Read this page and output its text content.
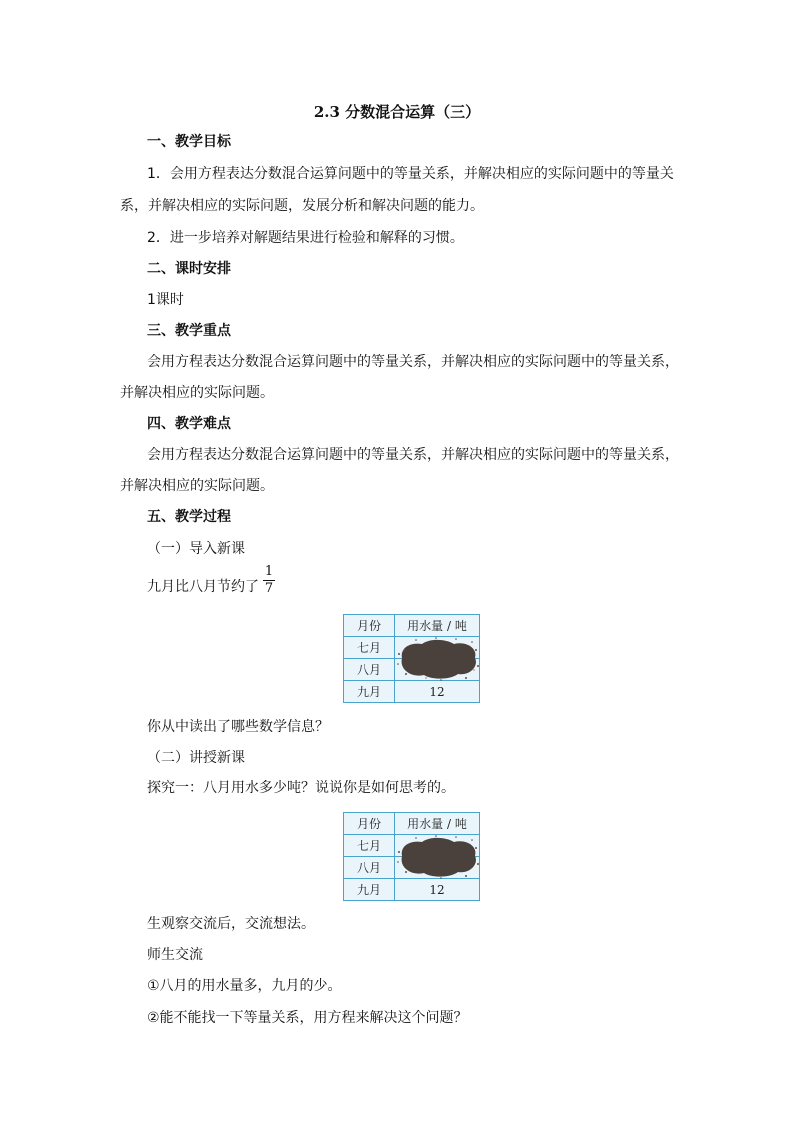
2.3 分数混合运算（三）
一、教学目标
1．会用方程表达分数混合运算问题中的等量关系，并解决相应的实际问题中的等量关
系，并解决相应的实际问题，发展分析和解决问题的能力。
2．进一步培养对解题结果进行检验和解释的习惯。
二、课时安排
1课时
三、教学重点
会用方程表达分数混合运算问题中的等量关系，并解决相应的实际问题中的等量关系，
并解决相应的实际问题。
四、教学难点
会用方程表达分数混合运算问题中的等量关系，并解决相应的实际问题中的等量关系，
并解决相应的实际问题。
五、教学过程
（一）导入新课
九月比八月节约了
1
7
月份	用水量 / 吨
七月	
八月	
九月	12
你从中读出了哪些数学信息？
（二）讲授新课
探究一：八月用水多少吨？说说你是如何思考的。
月份	用水量 / 吨
七月	
八月	
九月	12
生观察交流后，交流想法。
师生交流
①八月的用水量多，九月的少。
②能不能找一下等量关系，用方程来解决这个问题？
